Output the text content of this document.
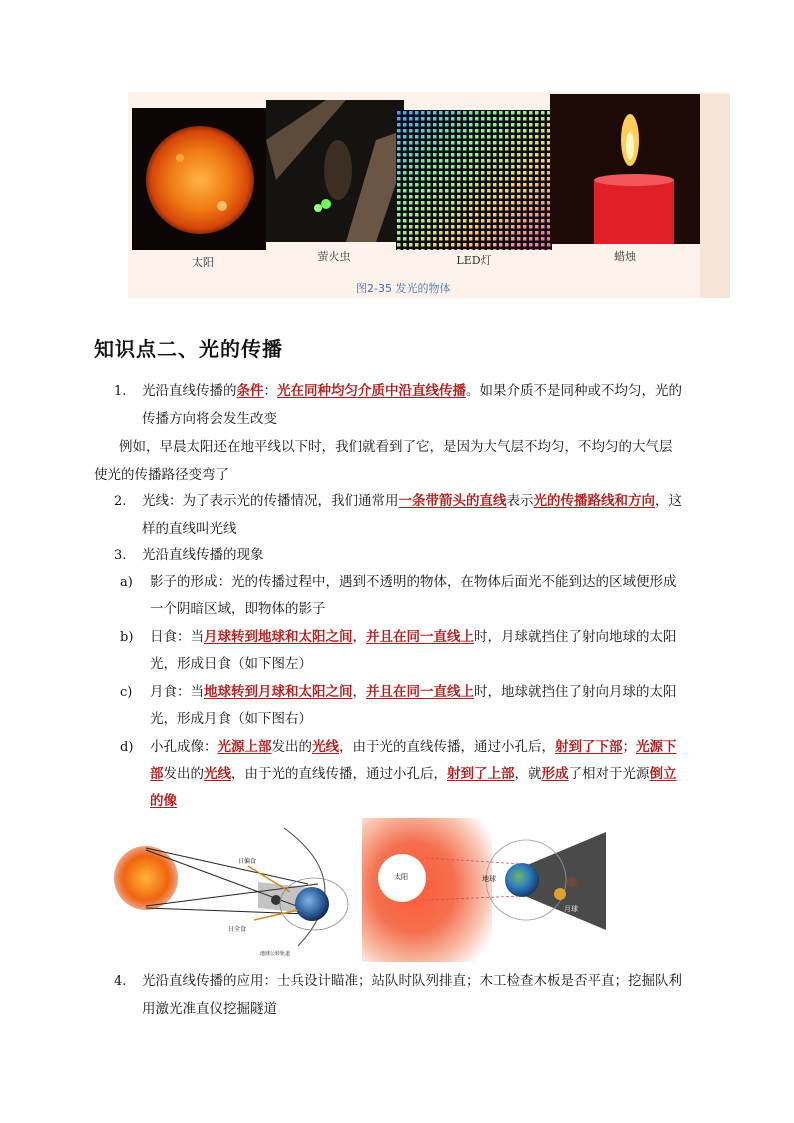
太阳	萤火虫	LED灯	蜡烛
图2-35 发光的物体
知识点二、光的传播
1. 光沿直线传播的条件：光在同种均匀介质中沿直线传播。如果介质不是同种或不均匀，光的
传播方向将会发生改变
例如，早晨太阳还在地平线以下时，我们就看到了它，是因为大气层不均匀，不均匀的大气层
使光的传播路径变弯了
2. 光线：为了表示光的传播情况，我们通常用一条带箭头的直线表示光的传播路线和方向，这
样的直线叫光线
3. 光沿直线传播的现象
a) 影子的形成：光的传播过程中，遇到不透明的物体，在物体后面光不能到达的区域便形成
一个阴暗区域，即物体的影子
b) 日食：当月球转到地球和太阳之间，并且在同一直线上时，月球就挡住了射向地球的太阳
光，形成日食（如下图左）
c) 月食：当地球转到月球和太阳之间，并且在同一直线上时，地球就挡住了射向月球的太阳
光，形成月食（如下图右）
d) 小孔成像：光源上部发出的光线，由于光的直线传播，通过小孔后，射到了下部；光源下
部发出的光线，由于光的直线传播，通过小孔后，射到了上部，就形成了相对于光源倒立
的像
日偏食
日全食
地球公转轨道
太阳	地球
月球
4. 光沿直线传播的应用：士兵设计瞄准；站队时队列排直；木工检查木板是否平直；挖掘队利
用激光准直仪挖掘隧道
